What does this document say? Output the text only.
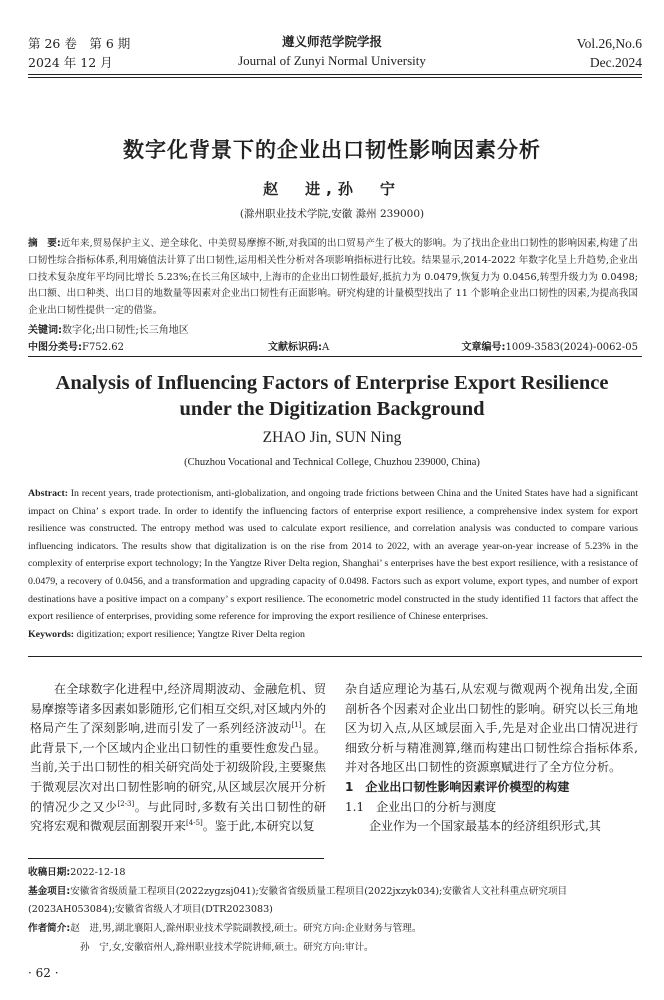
第 26 卷　第 6 期
2024 年 12 月
遵义师范学院学报
Journal of Zunyi Normal University
Vol.26,No.6
Dec.2024
数字化背景下的企业出口韧性影响因素分析
赵　进,孙　宁
(滁州职业技术学院,安徽 滁州 239000)
摘　要:近年来,贸易保护主义、逆全球化、中美贸易摩擦不断,对我国的出口贸易产生了极大的影响。为了找出企业出口韧性的影响因素,构建了出口韧性综合指标体系,利用熵值法计算了出口韧性,运用相关性分析对各项影响指标进行比较。结果显示,2014-2022 年数字化呈上升趋势,企业出口技术复杂度年平均同比增长 5.23%;在长三角区域中,上海市的企业出口韧性最好,抵抗力为 0.0479,恢复力为 0.0456,转型升级力为 0.0498;出口额、出口种类、出口目的地数量等因素对企业出口韧性有正面影响。研究构建的计量模型找出了 11 个影响企业出口韧性的因素,为提高我国企业出口韧性提供一定的借鉴。
关键词:数字化;出口韧性;长三角地区
中图分类号:F752.62	文献标识码:A	文章编号:1009-3583(2024)-0062-05
Analysis of Influencing Factors of Enterprise Export Resilience
under the Digitization Background
ZHAO Jin, SUN Ning
(Chuzhou Vocational and Technical College, Chuzhou 239000, China)
Abstract: In recent years, trade protectionism, anti-globalization, and ongoing trade frictions between China and the United States have had a significant impact on China’ s export trade. In order to identify the influencing factors of enterprise export resilience, a comprehensive index system for export resilience was constructed. The entropy method was used to calculate export resilience, and correlation analysis was conducted to compare various influencing indicators. The results show that digitalization is on the rise from 2014 to 2022, with an average year-on-year increase of 5.23% in the complexity of enterprise export technology; In the Yangtze River Delta region, Shanghai’ s enterprises have the best export resilience, with a resistance of 0.0479, a recovery of 0.0456, and a transformation and upgrading capacity of 0.0498. Factors such as export volume, export types, and number of export destinations have a positive impact on a company’ s export resilience. The econometric model constructed in the study identified 11 factors that affect the export resilience of enterprises, providing some reference for improving the export resilience of Chinese enterprises.
Keywords: digitization; export resilience; Yangtze River Delta region

在全球数字化进程中,经济周期波动、金融危机、贸易摩擦等诸多因素如影随形,它们相互交织,对区域内外的格局产生了深刻影响,进而引发了一系列经济波动[1]。在此背景下,一个区域内企业出口韧性的重要性愈发凸显。当前,关于出口韧性的相关研究尚处于初级阶段,主要聚焦于微观层次对出口韧性影响的研究,从区域层次展开分析的情况少之又少[2-3]。与此同时,多数有关出口韧性的研究将宏观和微观层面割裂开来[4-5]。鉴于此,本研究以复

杂自适应理论为基石,从宏观与微观两个视角出发,全面剖析各个因素对企业出口韧性的影响。研究以长三角地区为切入点,从区域层面入手,先是对企业出口情况进行细致分析与精准测算,继而构建出口韧性综合指标体系,并对各地区出口韧性的资源禀赋进行了全方位分析。

1　企业出口韧性影响因素评价模型的构建

1.1　企业出口的分析与测度

企业作为一个国家最基本的经济组织形式,其

收稿日期:2022-12-18
基金项目:安徽省省级质量工程项目(2022zygzsj041);安徽省省级质量工程项目(2022jxzyk034);安徽省人文社科重点研究项目(2023AH053084);安徽省省级人才项目(DTR2023083)
作者简介:赵　进,男,湖北襄阳人,滁州职业技术学院副教授,硕士。研究方向:企业财务与管理。
孙　宁,女,安徽宿州人,滁州职业技术学院讲师,硕士。研究方向:审计。
· 62 ·
